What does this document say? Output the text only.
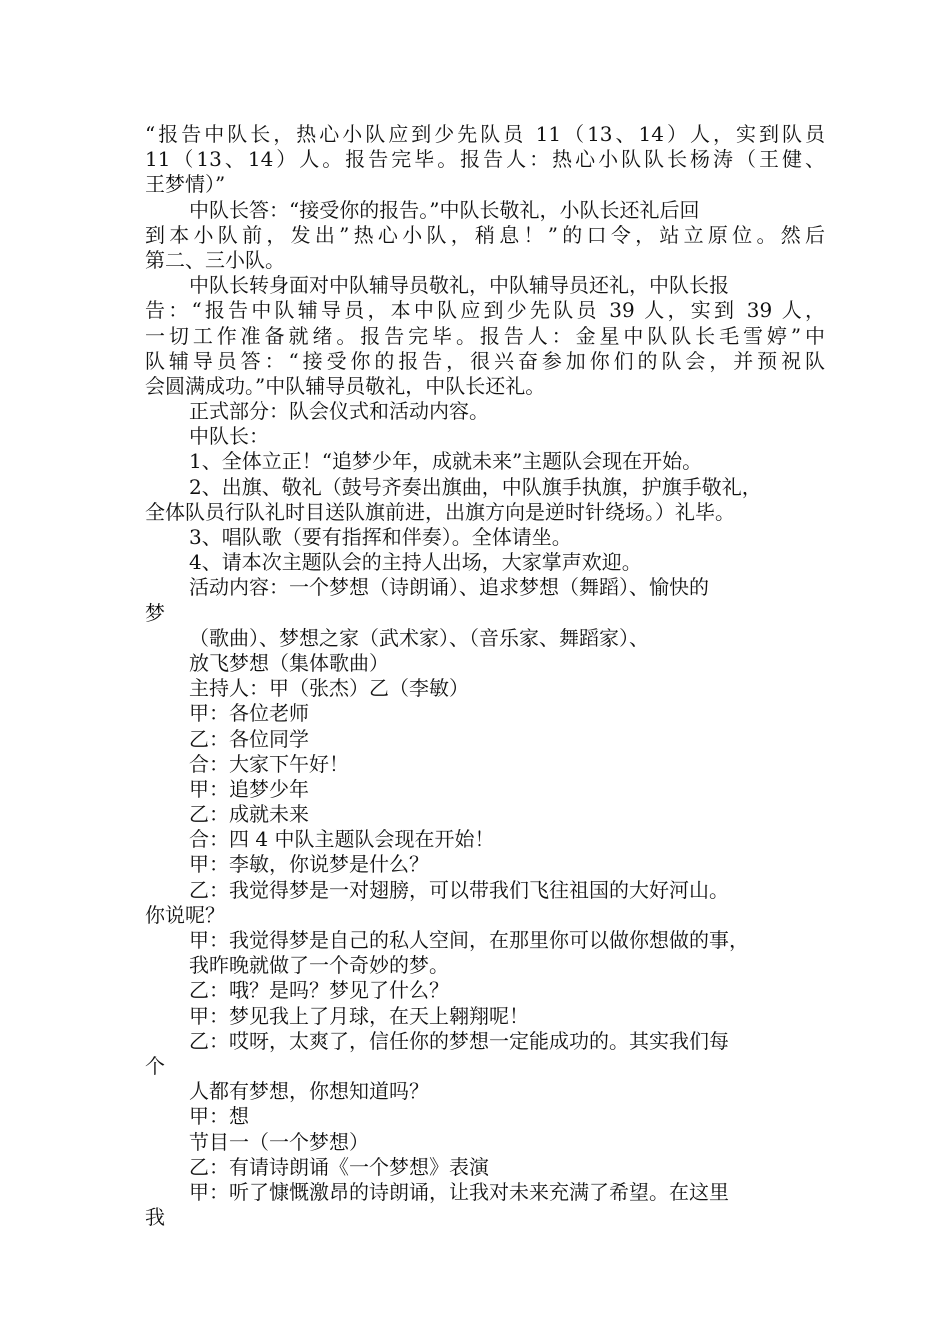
“报告中队长，热心小队应到少先队员 11（13、14）人，实到队员
11（13、14）人。报告完毕。报告人：热心小队队长杨涛（王健、
王梦情）”
中队长答：“接受你的报告。”中队长敬礼，小队长还礼后回
到本小队前，发出”热心小队，稍息！”的口令，站立原位。然后
第二、三小队。
中队长转身面对中队辅导员敬礼，中队辅导员还礼，中队长报
告：“报告中队辅导员，本中队应到少先队员 39 人，实到 39 人，
一切工作准备就绪。报告完毕。报告人：金星中队队长毛雪婷”中
队辅导员答：“接受你的报告，很兴奋参加你们的队会，并预祝队
会圆满成功。”中队辅导员敬礼，中队长还礼。
正式部分：队会仪式和活动内容。
中队长：
1、全体立正！“追梦少年，成就未来”主题队会现在开始。
2、出旗、敬礼（鼓号齐奏出旗曲，中队旗手执旗，护旗手敬礼，
全体队员行队礼时目送队旗前进，出旗方向是逆时针绕场。）礼毕。
3、唱队歌（要有指挥和伴奏）。全体请坐。
4、请本次主题队会的主持人出场，大家掌声欢迎。
活动内容：一个梦想（诗朗诵）、追求梦想（舞蹈）、愉快的
梦
（歌曲）、梦想之家（武术家）、（音乐家、舞蹈家）、
放飞梦想（集体歌曲）
主持人：甲（张杰）乙（李敏）
甲：各位老师
乙：各位同学
合：大家下午好！
甲：追梦少年
乙：成就未来
合：四 4 中队主题队会现在开始！
甲：李敏，你说梦是什么？
乙：我觉得梦是一对翅膀，可以带我们飞往祖国的大好河山。
你说呢？
甲：我觉得梦是自己的私人空间，在那里你可以做你想做的事，
我昨晚就做了一个奇妙的梦。
乙：哦？是吗？梦见了什么？
甲：梦见我上了月球，在天上翱翔呢！
乙：哎呀，太爽了，信任你的梦想一定能成功的。其实我们每
个
人都有梦想，你想知道吗？
甲：想
节目一（一个梦想）
乙：有请诗朗诵《一个梦想》表演
甲：听了慷慨激昂的诗朗诵，让我对未来充满了希望。在这里
我
